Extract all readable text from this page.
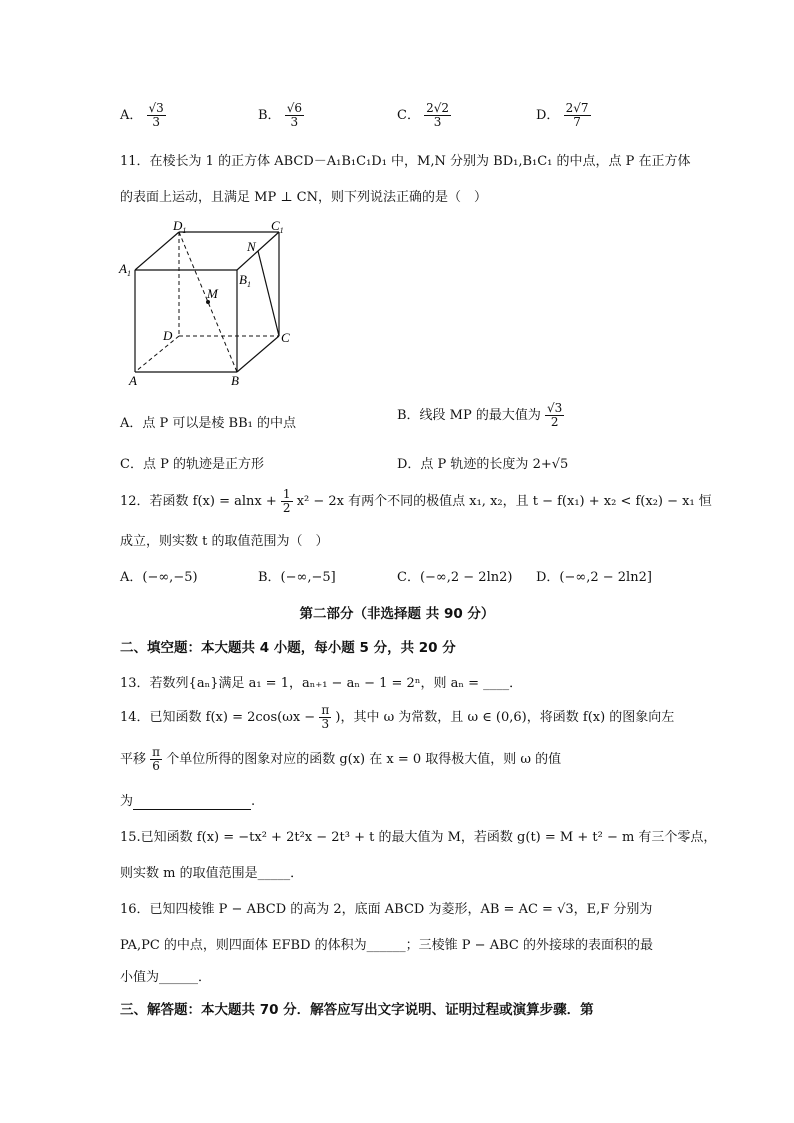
A． $\frac{√3}{3}$	B． $\frac{√6}{3}$	C． $\frac{2√2}{3}$	D． $\frac{2√7}{7}$
11．在棱长为 1 的正方体 ABCD－A₁B₁C₁D₁ 中，M,N 分别为 BD₁,B₁C₁ 的中点，点 P 在正方体
的表面上运动，且满足 MP ⊥ CN，则下列说法正确的是（　）
$D_1$	$C_1$
$A_1$	$B_1$
N
M
D	C
A	B
A．点 P 可以是棱 BB₁ 的中点
B．线段 MP 的最大值为 $\frac{√3}{2}$
C．点 P 的轨迹是正方形	D．点 P 轨迹的长度为 2+√5
12．若函数 $f(x) = alnx + \frac{1}{2} x^2 - 2x$ 有两个不同的极值点 x₁, x₂，且 t − f(x₁) + x₂ < f(x₂) − x₁ 恒
成立，则实数 t 的取值范围为（　）
A．(−∞,−5)	B．(−∞,−5]	C．(−∞,2 − 2ln2) D．(−∞,2 − 2ln2]
第二部分（非选择题 共 90 分）
二、填空题：本大题共 4 小题，每小题 5 分，共 20 分
13．若数列{aₙ}满足 a₁ = 1，aₙ₊₁ − aₙ − 1 = 2ⁿ，则 aₙ = ____．
14．已知函数 $f(x) = 2\cos(\omega x - \frac{\pi}{3}$ )，其中 ω 为常数，且 ω ∈ (0,6)，将函数 f(x) 的图象向左
平移 $\frac{\pi}{6}$ 个单位所得的图象对应的函数 g(x) 在 x = 0 取得极大值，则 ω 的值
为	.
15.已知函数 f(x) = −tx² + 2t²x − 2t³ + t 的最大值为 M，若函数 g(t) = M + t² − m 有三个零点，
则实数 m 的取值范围是_____．
16．已知四棱锥 P − ABCD 的高为 2，底面 ABCD 为菱形，AB = AC = √3，E,F 分别为
PA,PC 的中点，则四面体 EFBD 的体积为______；三棱锥 P − ABC 的外接球的表面积的最
小值为______．
三、解答题：本大题共 70 分．解答应写出文字说明、证明过程或演算步骤．第
